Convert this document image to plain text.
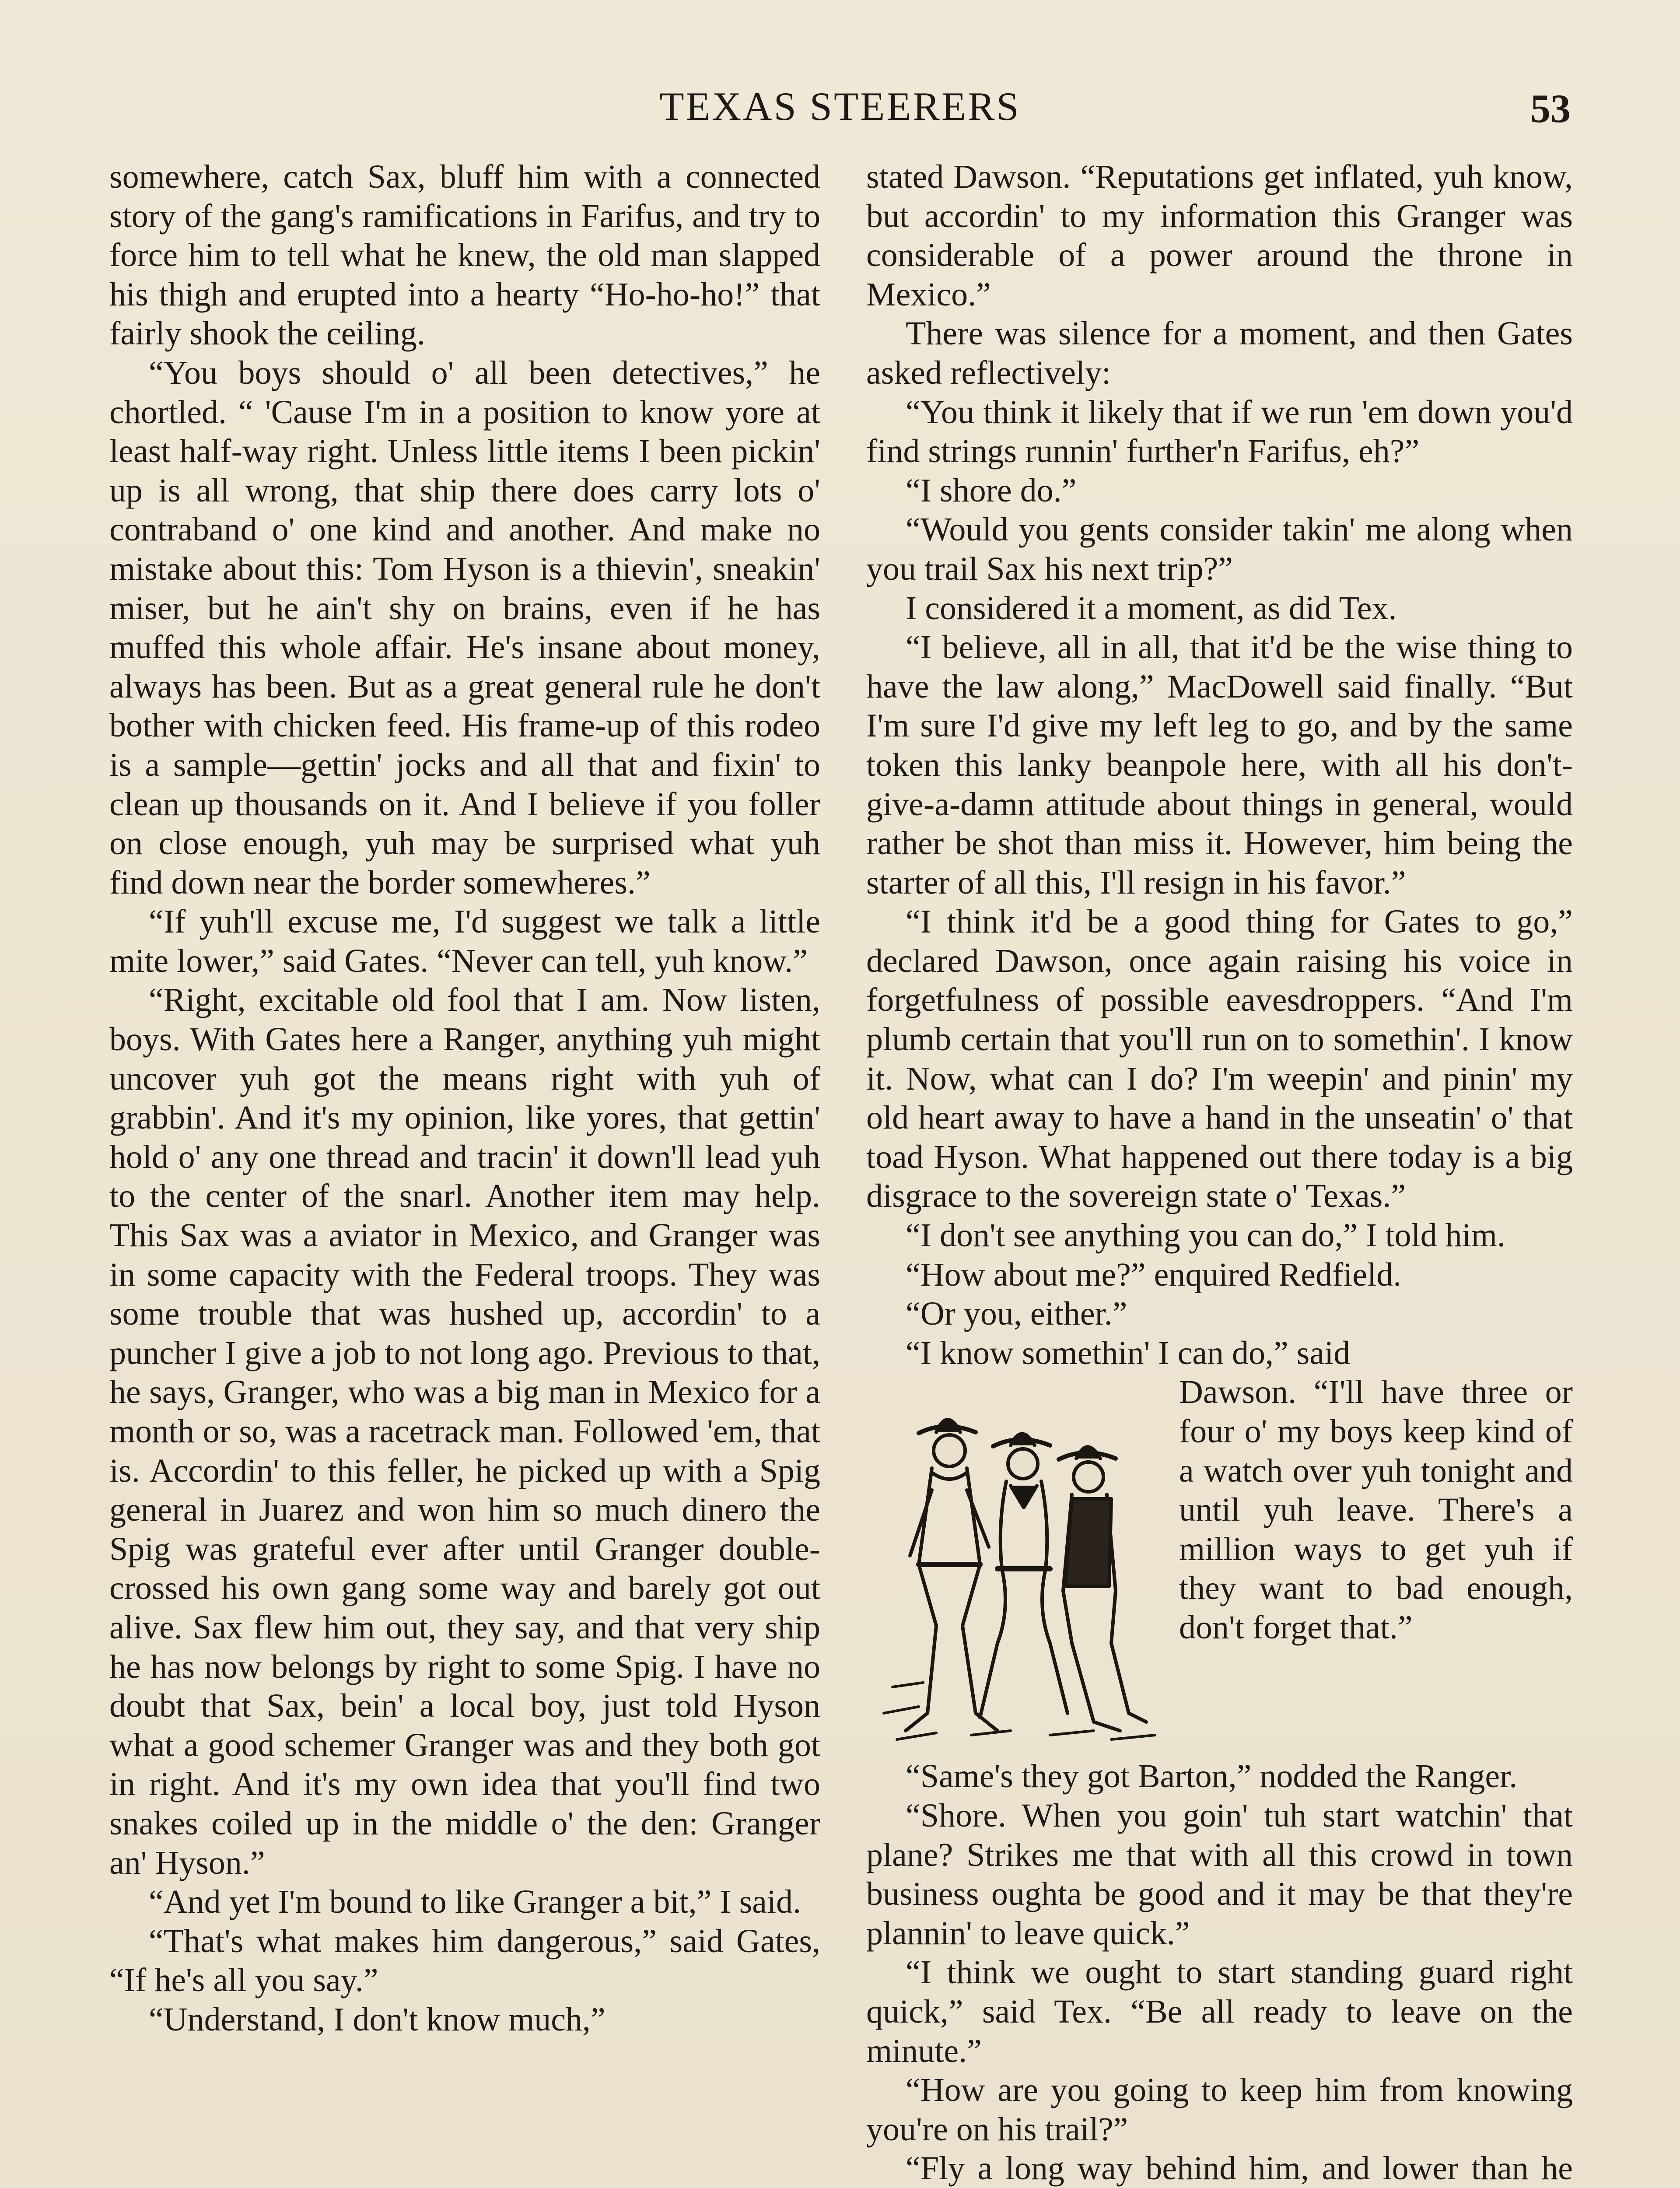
TEXAS STEERERS	53

somewhere, catch Sax, bluff him with a connected story of the gang's ramifications in Farifus, and try to force him to tell what he knew, the old man slapped his thigh and erupted into a hearty “Ho-ho-ho!” that fairly shook the ceiling.

“You boys should o' all been detectives,” he chortled. “ 'Cause I'm in a position to know yore at least half-way right. Unless little items I been pickin' up is all wrong, that ship there does carry lots o' contraband o' one kind and another. And make no mistake about this: Tom Hyson is a thievin', sneakin' miser, but he ain't shy on brains, even if he has muffed this whole affair. He's insane about money, always has been. But as a great general rule he don't bother with chicken feed. His frame-up of this rodeo is a sample—gettin' jocks and all that and fixin' to clean up thousands on it. And I believe if you foller on close enough, yuh may be surprised what yuh find down near the border somewheres.”

“If yuh'll excuse me, I'd suggest we talk a little mite lower,” said Gates. “Never can tell, yuh know.”

“Right, excitable old fool that I am. Now listen, boys. With Gates here a Ranger, anything yuh might uncover yuh got the means right with yuh of grabbin'. And it's my opinion, like yores, that gettin' hold o' any one thread and tracin' it down'll lead yuh to the center of the snarl. Another item may help. This Sax was a aviator in Mexico, and Granger was in some capacity with the Federal troops. They was some trouble that was hushed up, accordin' to a puncher I give a job to not long ago. Previous to that, he says, Granger, who was a big man in Mexico for a month or so, was a racetrack man. Followed 'em, that is. Accordin' to this feller, he picked up with a Spig general in Juarez and won him so much dinero the Spig was grateful ever after until Granger double-crossed his own gang some way and barely got out alive. Sax flew him out, they say, and that very ship he has now belongs by right to some Spig. I have no doubt that Sax, bein' a local boy, just told Hyson what a good schemer Granger was and they both got in right. And it's my own idea that you'll find two snakes coiled up in the middle o' the den: Granger an' Hyson.”

“And yet I'm bound to like Granger a bit,” I said.

“That's what makes him dangerous,” said Gates, “If he's all you say.”

“Understand, I don't know much,”

stated Dawson. “Reputations get inflated, yuh know, but accordin' to my information this Granger was considerable of a power around the throne in Mexico.”

There was silence for a moment, and then Gates asked reflectively:

“You think it likely that if we run 'em down you'd find strings runnin' further'n Farifus, eh?”

“I shore do.”

“Would you gents consider takin' me along when you trail Sax his next trip?”

I considered it a moment, as did Tex.

“I believe, all in all, that it'd be the wise thing to have the law along,” MacDowell said finally. “But I'm sure I'd give my left leg to go, and by the same token this lanky beanpole here, with all his don't-give-a-damn attitude about things in general, would rather be shot than miss it. However, him being the starter of all this, I'll resign in his favor.”

“I think it'd be a good thing for Gates to go,” declared Dawson, once again raising his voice in forgetfulness of possible eavesdroppers. “And I'm plumb certain that you'll run on to somethin'. I know it. Now, what can I do? I'm weepin' and pinin' my old heart away to have a hand in the unseatin' o' that toad Hyson. What happened out there today is a big disgrace to the sovereign state o' Texas.”

“I don't see anything you can do,” I told him.

“How about me?” enquired Redfield.

“Or you, either.”

“I know somethin' I can do,” said

Dawson. “I'll have three or four o' my boys keep kind of a watch over yuh tonight and until yuh leave. There's a million ways to get yuh if they want to bad enough, don't forget that.”

“Same's they got Barton,” nodded the Ranger.

“Shore. When you goin' tuh start watchin' that plane? Strikes me that with all this crowd in town business oughta be good and it may be that they're plannin' to leave quick.”

“I think we ought to start standing guard right quick,” said Tex. “Be all ready to leave on the minute.”

“How are you going to keep him from knowing you're on his trail?”

“Fly a long way behind him, and lower than he
